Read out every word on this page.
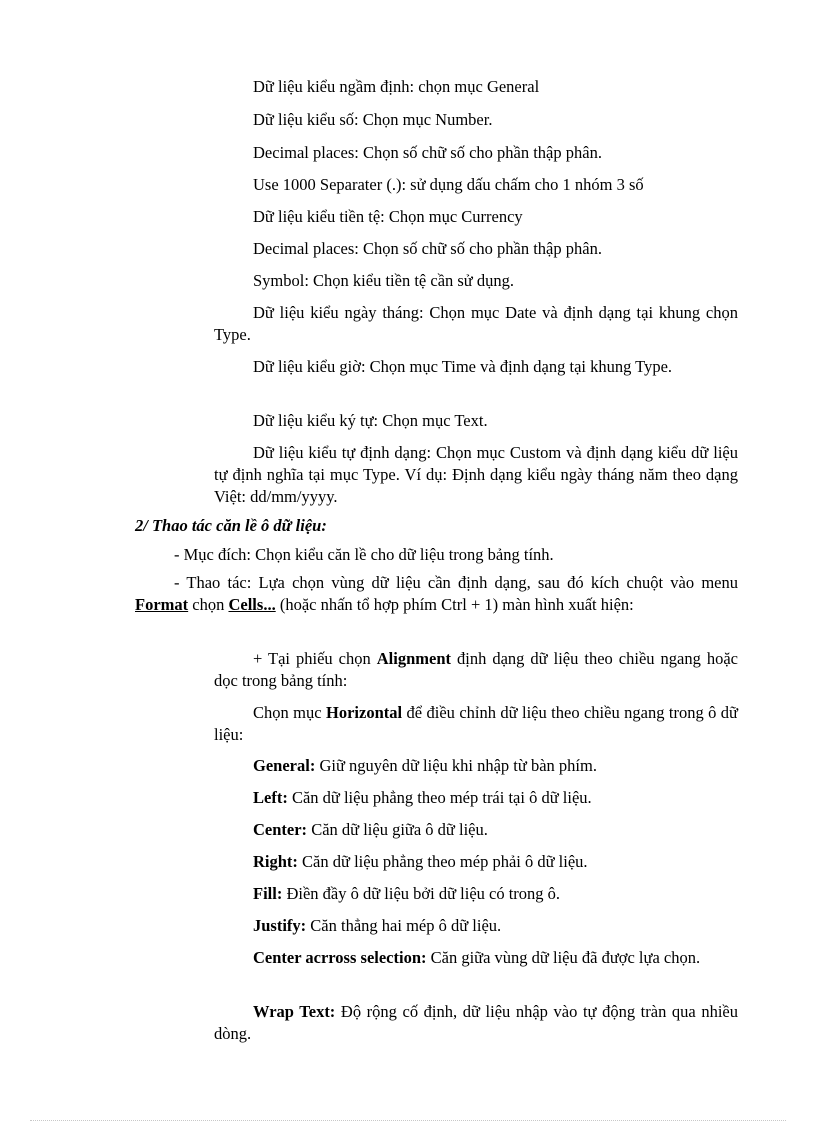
Dữ liệu kiểu ngầm định: chọn mục General

Dữ liệu kiểu số: Chọn mục Number.

Decimal places: Chọn số chữ số cho phần thập phân.

Use 1000 Separater (.): sử dụng dấu chấm cho 1 nhóm 3 số

Dữ liệu kiểu tiền tệ: Chọn mục Currency

Decimal places: Chọn số chữ số cho phần thập phân.

Symbol: Chọn kiểu tiền tệ cần sử dụng.

Dữ liệu kiểu ngày tháng: Chọn mục Date và định dạng tại khung chọn Type.

Dữ liệu kiểu giờ: Chọn mục Time và định dạng tại khung Type.

Dữ liệu kiểu ký tự: Chọn mục Text.

Dữ liệu kiểu tự định dạng: Chọn mục Custom và định dạng kiểu dữ liệu tự định nghĩa tại mục Type. Ví dụ: Định dạng kiểu ngày tháng năm theo dạng Việt: dd/mm/yyyy.

2/ Thao tác căn lề ô dữ liệu:

- Mục đích: Chọn kiểu căn lề cho dữ liệu trong bảng tính.

- Thao tác: Lựa chọn vùng dữ liệu cần định dạng, sau đó kích chuột vào menu Format chọn Cells... (hoặc nhấn tổ hợp phím Ctrl + 1) màn hình xuất hiện:

+ Tại phiếu chọn Alignment định dạng dữ liệu theo chiều ngang hoặc dọc trong bảng tính:

Chọn mục Horizontal để điều chỉnh dữ liệu theo chiều ngang trong ô dữ liệu:

General: Giữ nguyên dữ liệu khi nhập từ bàn phím.

Left: Căn dữ liệu phẳng theo mép trái tại ô dữ liệu.

Center: Căn dữ liệu giữa ô dữ liệu.

Right: Căn dữ liệu phẳng theo mép phải ô dữ liệu.

Fill: Điền đầy ô dữ liệu bởi dữ liệu có trong ô.

Justify: Căn thẳng hai mép ô dữ liệu.

Center acrross selection: Căn giữa vùng dữ liệu đã được lựa chọn.

Wrap Text: Độ rộng cố định, dữ liệu nhập vào tự động tràn qua nhiều dòng.
